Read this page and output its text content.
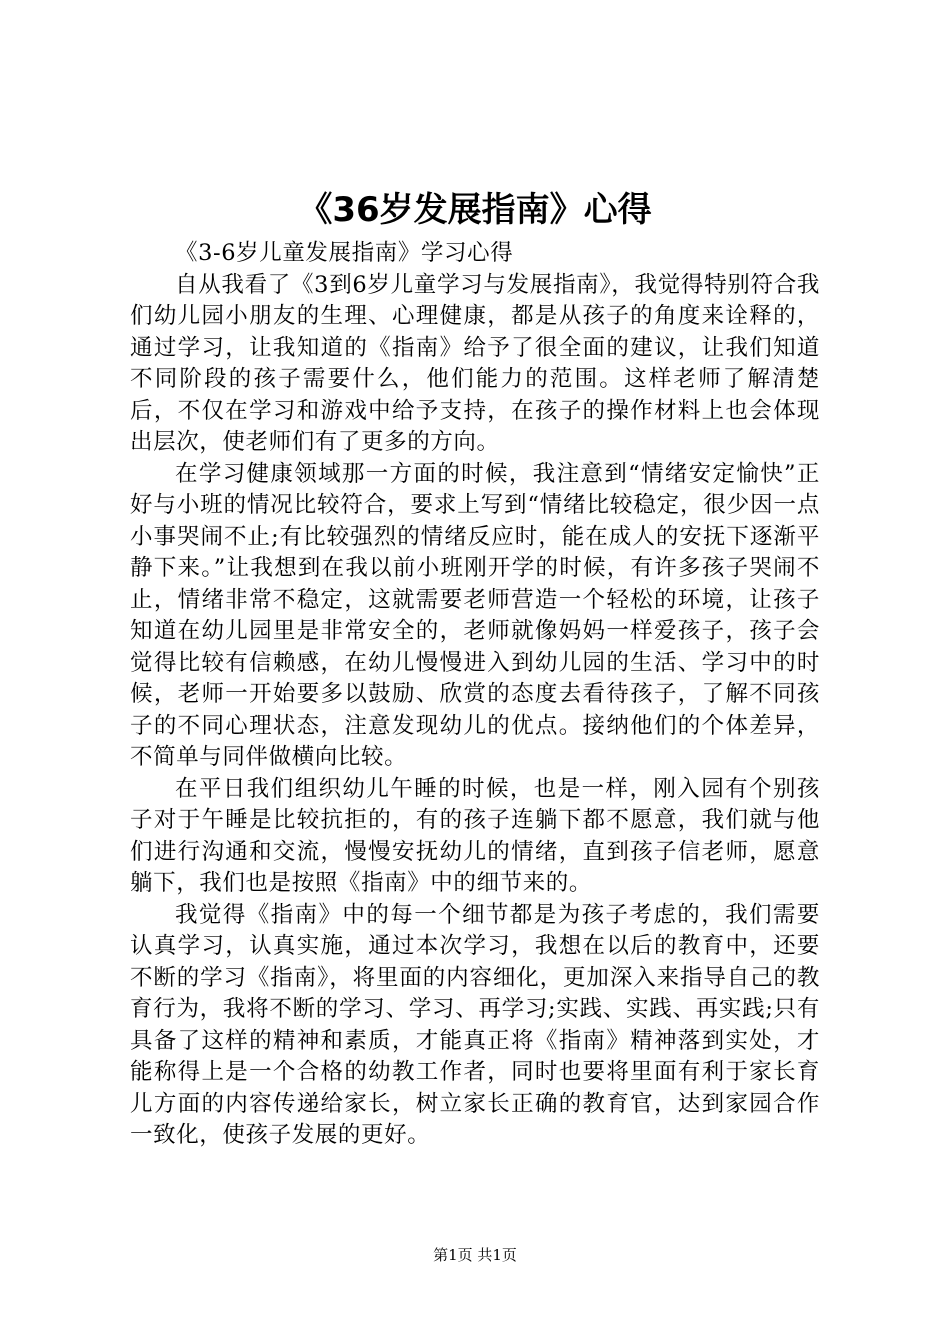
《36岁发展指南》心得

《3-6岁儿童发展指南》学习心得

自从我看了《3到6岁儿童学习与发展指南》，我觉得特别符合我们幼儿园小朋友的生理、心理健康，都是从孩子的角度来诠释的，通过学习，让我知道的《指南》给予了很全面的建议，让我们知道不同阶段的孩子需要什么，他们能力的范围。这样老师了解清楚后，不仅在学习和游戏中给予支持，在孩子的操作材料上也会体现出层次，使老师们有了更多的方向。

在学习健康领域那一方面的时候，我注意到“情绪安定愉快”正好与小班的情况比较符合，要求上写到“情绪比较稳定，很少因一点小事哭闹不止;有比较强烈的情绪反应时，能在成人的安抚下逐渐平静下来。”让我想到在我以前小班刚开学的时候，有许多孩子哭闹不止，情绪非常不稳定，这就需要老师营造一个轻松的环境，让孩子知道在幼儿园里是非常安全的，老师就像妈妈一样爱孩子，孩子会觉得比较有信赖感，在幼儿慢慢进入到幼儿园的生活、学习中的时候，老师一开始要多以鼓励、欣赏的态度去看待孩子，了解不同孩子的不同心理状态，注意发现幼儿的优点。接纳他们的个体差异，不简单与同伴做横向比较。

在平日我们组织幼儿午睡的时候，也是一样，刚入园有个别孩子对于午睡是比较抗拒的，有的孩子连躺下都不愿意，我们就与他们进行沟通和交流，慢慢安抚幼儿的情绪，直到孩子信老师，愿意躺下，我们也是按照《指南》中的细节来的。

我觉得《指南》中的每一个细节都是为孩子考虑的，我们需要认真学习，认真实施，通过本次学习，我想在以后的教育中，还要不断的学习《指南》，将里面的内容细化，更加深入来指导自己的教育行为，我将不断的学习、学习、再学习;实践、实践、再实践;只有具备了这样的精神和素质，才能真正将《指南》精神落到实处，才能称得上是一个合格的幼教工作者，同时也要将里面有利于家长育儿方面的内容传递给家长，树立家长正确的教育官，达到家园合作一致化，使孩子发展的更好。

第1页 共1页
